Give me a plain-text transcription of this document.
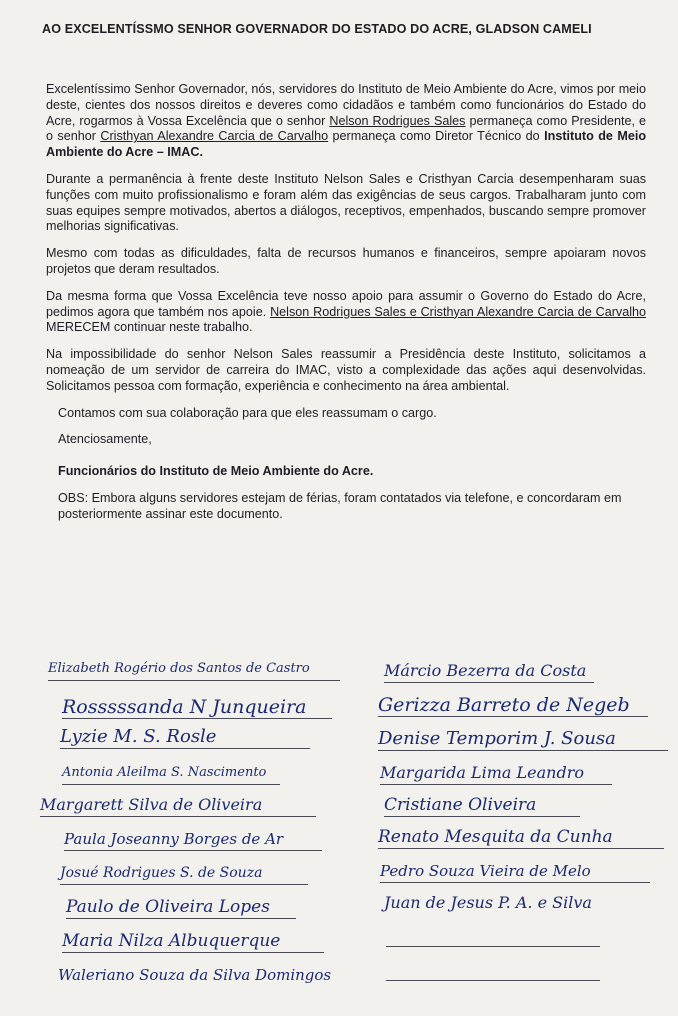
AO EXCELENTÍSSMO SENHOR GOVERNADOR DO ESTADO DO ACRE, GLADSON CAMELI

Excelentíssimo Senhor Governador, nós, servidores do Instituto de Meio Ambiente do Acre, vimos por meio deste, cientes dos nossos direitos e deveres como cidadãos e também como funcionários do Estado do Acre, rogarmos à Vossa Excelência que o senhor Nelson Rodrigues Sales permaneça como Presidente, e o senhor Cristhyan Alexandre Carcia de Carvalho permaneça como Diretor Técnico do Instituto de Meio Ambiente do Acre – IMAC.

Durante a permanência à frente deste Instituto Nelson Sales e Cristhyan Carcia desempenharam suas funções com muito profissionalismo e foram além das exigências de seus cargos. Trabalharam junto com suas equipes sempre motivados, abertos a diálogos, receptivos, empenhados, buscando sempre promover melhorias significativas.

Mesmo com todas as dificuldades, falta de recursos humanos e financeiros, sempre apoiaram novos projetos que deram resultados.

Da mesma forma que Vossa Excelência teve nosso apoio para assumir o Governo do Estado do Acre, pedimos agora que também nos apoie. Nelson Rodrigues Sales e Cristhyan Alexandre Carcia de Carvalho MERECEM continuar neste trabalho.

Na impossibilidade do senhor Nelson Sales reassumir a Presidência deste Instituto, solicitamos a nomeação de um servidor de carreira do IMAC, visto a complexidade das ações aqui desenvolvidas. Solicitamos pessoa com formação, experiência e conhecimento na área ambiental.

Contamos com sua colaboração para que eles reassumam o cargo.

Atenciosamente,

Funcionários do Instituto de Meio Ambiente do Acre.

OBS: Embora alguns servidores estejam de férias, foram contatados via telefone, e concordaram em posteriormente assinar este documento.

Elizabeth Rogério dos Santos de Castro
Rosssssanda N Junqueira
Lyzie M. S. Rosle
Antonia Aleilma S. Nascimento
Margarett Silva de Oliveira
Paula Joseanny Borges de Ar
Josué Rodrigues S. de Souza
Paulo de Oliveira Lopes
Maria Nilza Albuquerque
Waleriano Souza da Silva Domingos
Márcio Bezerra da Costa
Gerizza Barreto de Negeb
Denise Temporim J. Sousa
Margarida Lima Leandro
Cristiane Oliveira
Renato Mesquita da Cunha
Pedro Souza Vieira de Melo
Juan de Jesus P. A. e Silva
